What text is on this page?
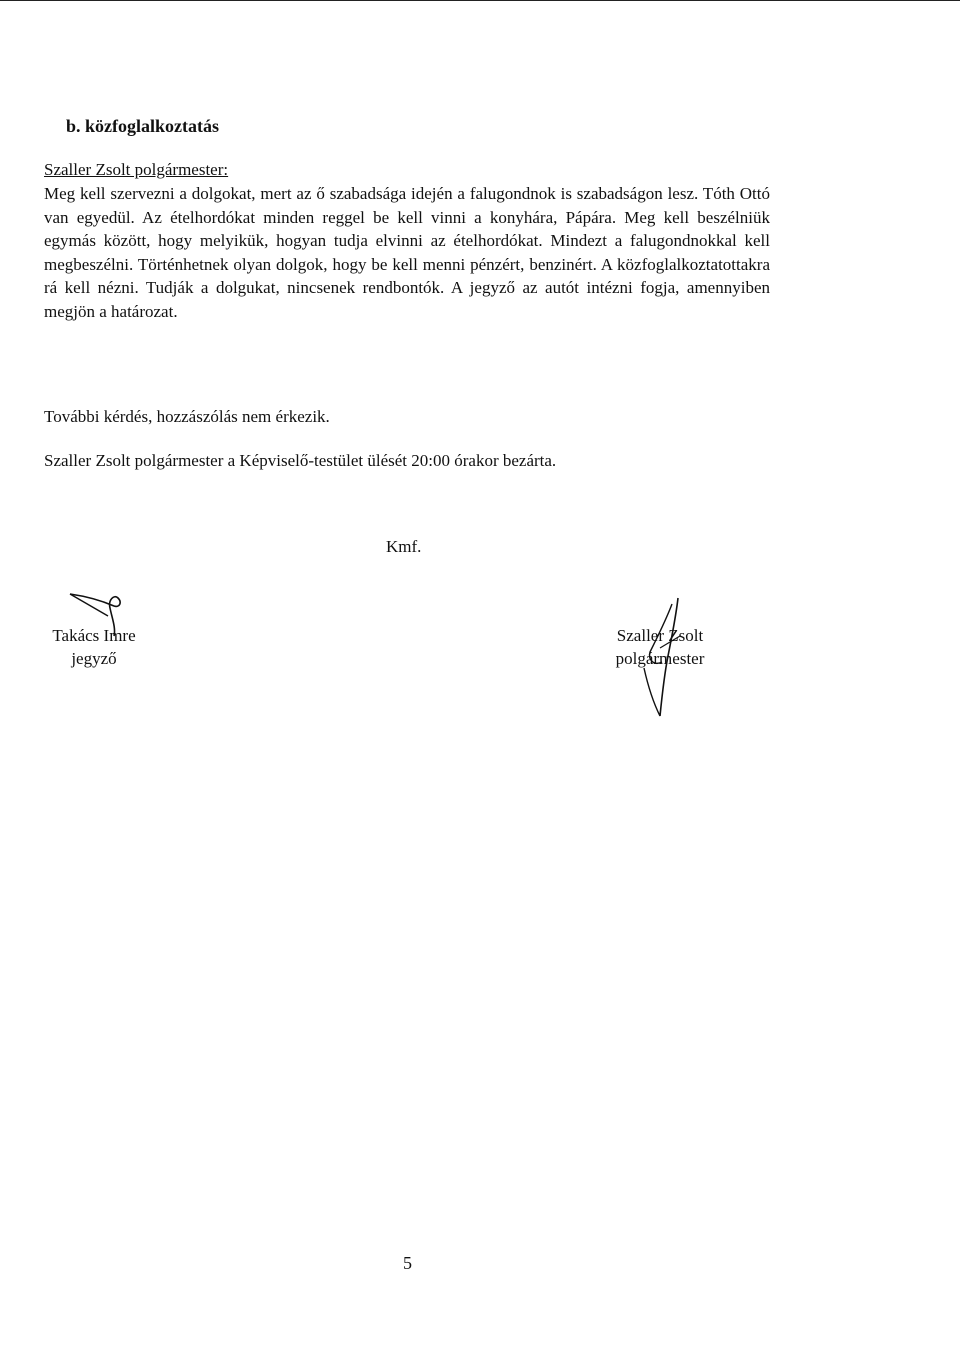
b. közfoglalkoztatás

Szaller Zsolt polgármester:

Meg kell szervezni a dolgokat, mert az ő szabadsága idején a falugondnok is szabadságon lesz. Tóth Ottó van egyedül. Az ételhordókat minden reggel be kell vinni a konyhára, Pápára. Meg kell beszélniük egymás között, hogy melyikük, hogyan tudja elvinni az ételhordókat. Mindezt a falugondnokkal kell megbeszélni. Történhetnek olyan dolgok, hogy be kell menni pénzért, benzinért. A közfoglalkoztatottakra rá kell nézni. Tudják a dolgukat, nincsenek rendbontók. A jegyző az autót intézni fogja, amennyiben megjön a határozat.

További kérdés, hozzászólás nem érkezik.

Szaller Zsolt polgármester a Képviselő-testület ülését 20:00 órakor bezárta.

Kmf.

Takács Imre
jegyző
Szaller Zsolt
polgármester

5
